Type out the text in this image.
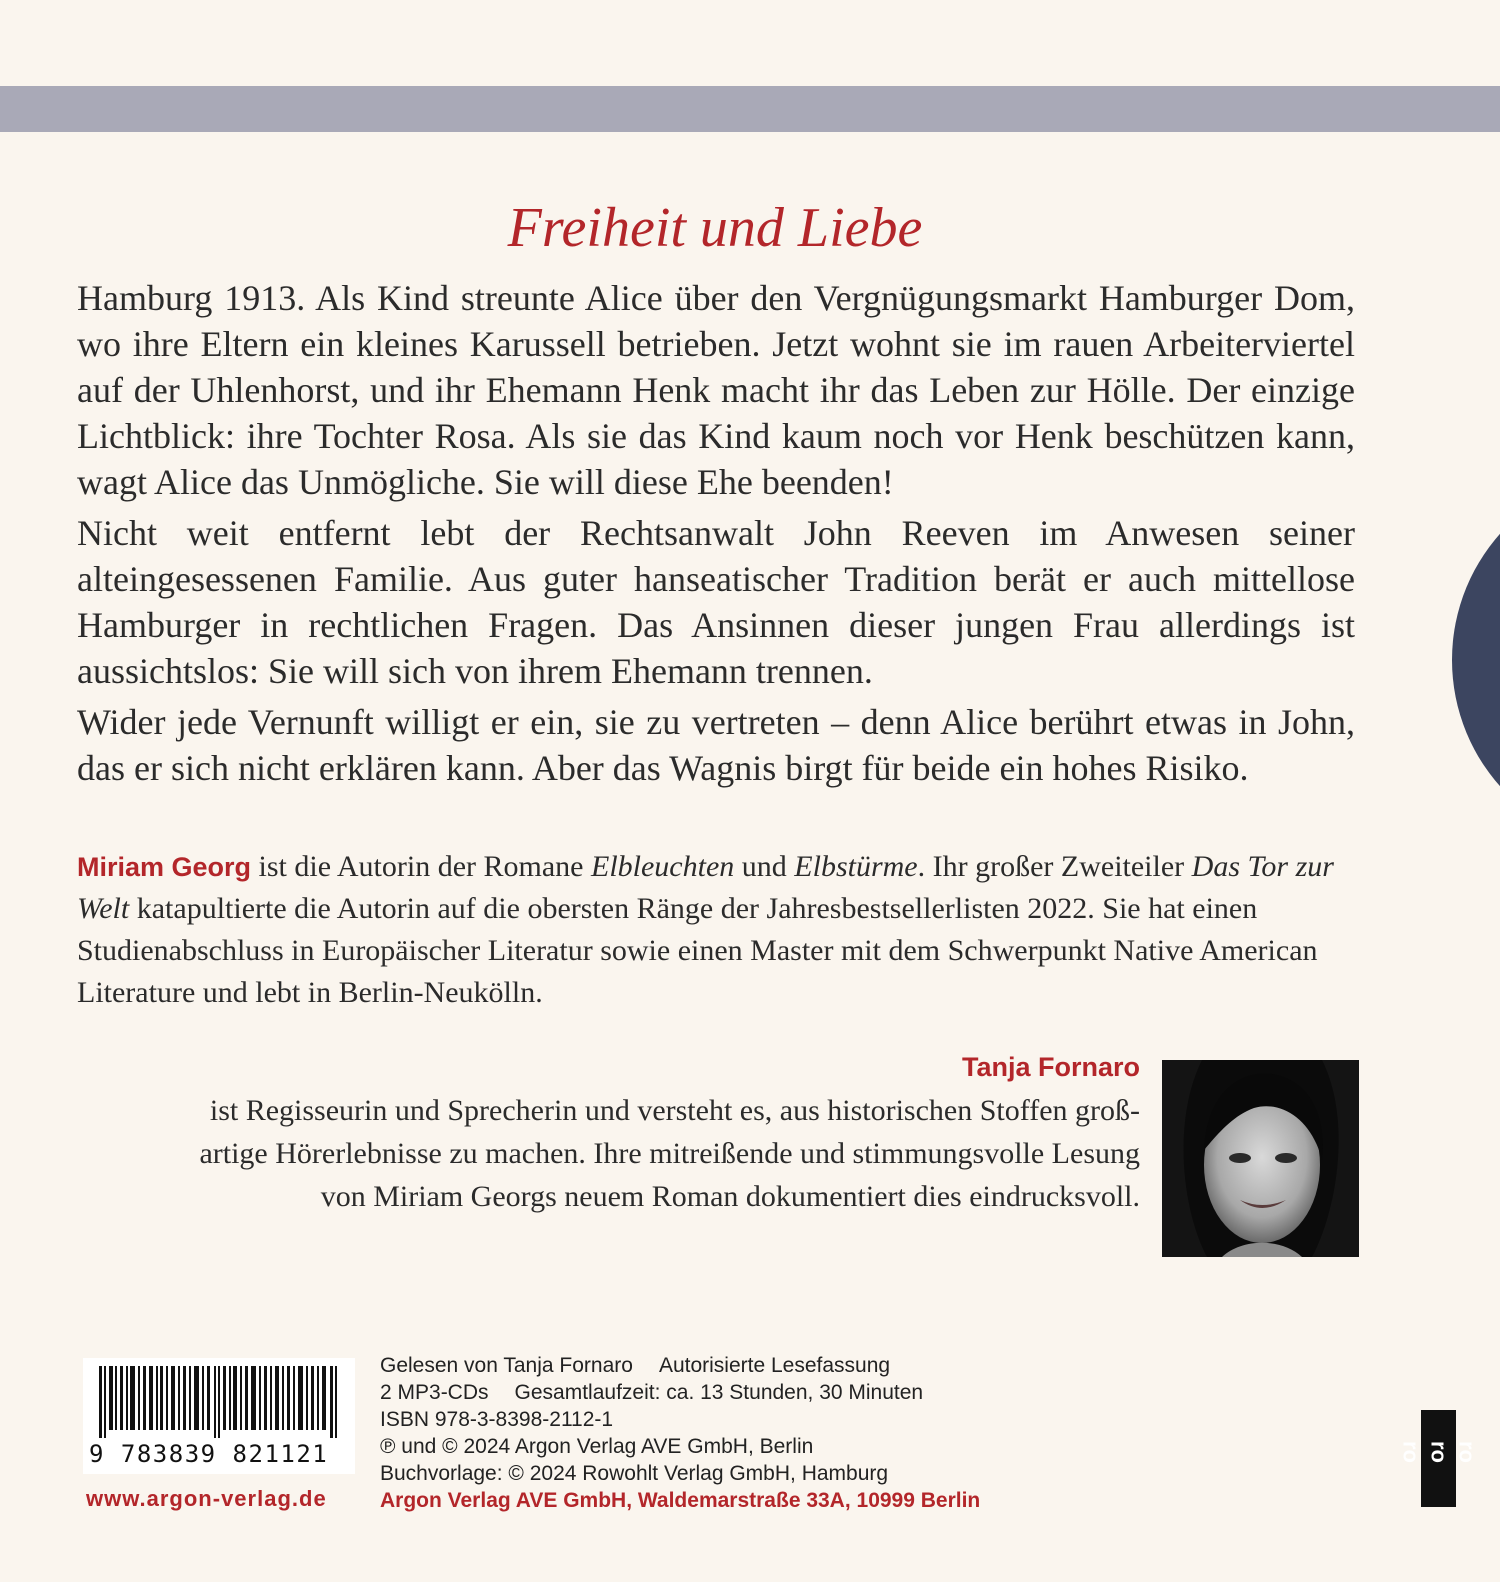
Freiheit und Liebe

Hamburg 1913. Als Kind streunte Alice über den Vergnügungsmarkt Hamburger Dom, wo ihre Eltern ein kleines Karussell betrieben. Jetzt wohnt sie im rauen Arbeiterviertel auf der Uhlenhorst, und ihr Ehemann Henk macht ihr das Leben zur Hölle. Der einzige Lichtblick: ihre Tochter Rosa. Als sie das Kind kaum noch vor Henk beschützen kann, wagt Alice das Unmögliche. Sie will diese Ehe beenden!

Nicht weit entfernt lebt der Rechtsanwalt John Reeven im Anwesen seiner alteingesessenen Familie. Aus guter hanseatischer Tradition berät er auch mittellose Hamburger in rechtlichen Fragen. Das Ansinnen dieser jungen Frau allerdings ist aussichtslos: Sie will sich von ihrem Ehemann trennen.

Wider jede Vernunft willigt er ein, sie zu vertreten – denn Alice berührt etwas in John, das er sich nicht erklären kann. Aber das Wagnis birgt für beide ein hohes Risiko.

Miriam Georg ist die Autorin der Romane Elbleuchten und Elbstürme. Ihr großer Zweiteiler Das Tor zur Welt katapultierte die Autorin auf die obersten Ränge der Jahresbestsellerlisten 2022. Sie hat einen Studienabschluss in Europäischer Literatur sowie einen Master mit dem Schwerpunkt Native American Literature und lebt in Berlin-Neukölln.

Tanja Fornaro

ist Regisseurin und Sprecherin und versteht es, aus historischen Stoffen groß-

artige Hörerlebnisse zu machen. Ihre mitreißende und stimmungsvolle Lesung

von Miriam Georgs neuem Roman dokumentiert dies eindrucksvoll.

9 783839 821121
www.argon-verlag.de
Gelesen von Tanja Fornaro Autorisierte Lesefassung
2 MP3-CDs Gesamtlaufzeit: ca. 13 Stunden, 30 Minuten
ISBN 978-3-8398-2112-1
℗ und © 2024 Argon Verlag AVE GmbH, Berlin
Buchvorlage: © 2024 Rowohlt Verlag GmbH, Hamburg
Argon Verlag AVE GmbH, Waldemarstraße 33A, 10999 Berlin
ro ro ro
